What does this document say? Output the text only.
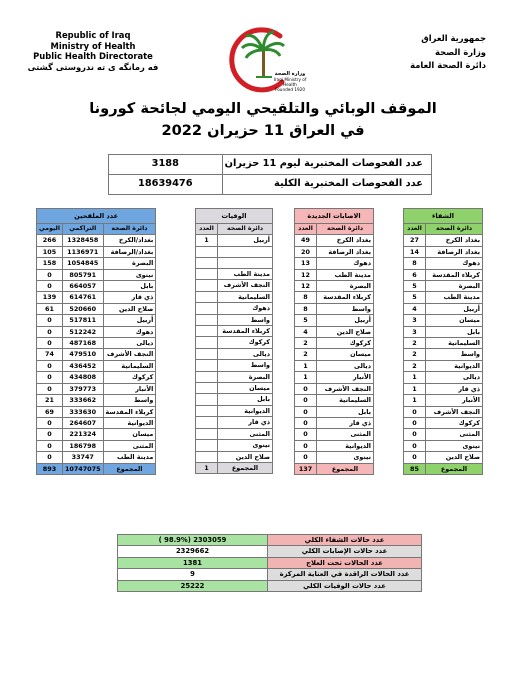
Republic of Iraq
Ministry of Health
Public Health Directorate
فه رمانگه ی ته ندروستی گشتی
جمهورية العراق
وزارة الصحة
دائرة الصحة العامة
وزارة الصحة
Iraqi Ministry of Health
Founded 1920
الموقف الوبائي والتلقيحي اليومي لجائحة كورونا
في العراق 11 حزيران 2022
3188	عدد الفحوصات المختبرية ليوم 11 حزيران
18639476	عدد الفحوصات المختبرية الكلية
عدد الملقحين		
اليومي	التراكمي	دائرة الصحة
266	1328458	بغداد/الكرخ
105	1136971	بغداد/الرصافة
158	1054845	البصرة
0	805791	نينوى
0	664057	بابل
139	614761	ذي قار
61	520660	صلاح الدين
0	517811	أربيل
0	512242	دهوك
0	487168	ديالى
74	479510	النجف الأشرف
0	436452	السليمانية
0	434808	كركوك
0	379773	الأنبار
21	333662	واسط
69	333630	كربلاء المقدسة
0	264607	الديوانية
0	221324	ميسان
0	186798	المثنى
0	33747	مدينة الطب
893	10747075	المجموع
الوفيات	
العدد	دائرة الصحة
1	أربيل

	مدينة الطب
	النجف الأشرف
	السليمانية
	دهوك
	واسط
	كربلاء المقدسة
	كركوك
	ديالى
	واسط
	البصرة
	ميسان
	بابل
	الديوانية
	ذي قار
	المثنى
	نينوى
	صلاح الدين
1	المجموع
الاصابات الجديدة	
العدد	دائرة الصحة
49	بغداد الكرخ
20	بغداد الرصافة
13	دهوك
12	مدينة الطب
12	البصرة
8	كربلاء المقدسة
8	واسط
5	أربيل
4	صلاح الدين
2	كركوك
2	ميسان
1	ديالى
1	الأنبار
0	النجف الأشرف
0	السليمانية
0	بابل
0	ذي قار
0	المثنى
0	الديوانية
0	نينوى
137	المجموع
الشفاء	
العدد	دائرة الصحة
27	بغداد الكرخ
14	بغداد الرصافة
8	دهوك
6	كربلاء المقدسة
5	البصرة
5	مدينة الطب
4	أربيل
3	ميسان
3	بابل
2	السليمانية
2	واسط
2	الديوانية
1	ديالى
1	ذي قار
1	الأنبار
0	النجف الأشرف
0	كركوك
0	المثنى
0	نينوى
0	صلاح الدين
85	المجموع
( 98.9%) 2303059	عدد حالات الشفاء الكلي
2329662	عدد حالات الإصابات الكلي
1381	عدد الحالات تحت العلاج
9	عدد الحالات الراقدة في العناية المركزة
25222	عدد حالات الوفيات الكلي
